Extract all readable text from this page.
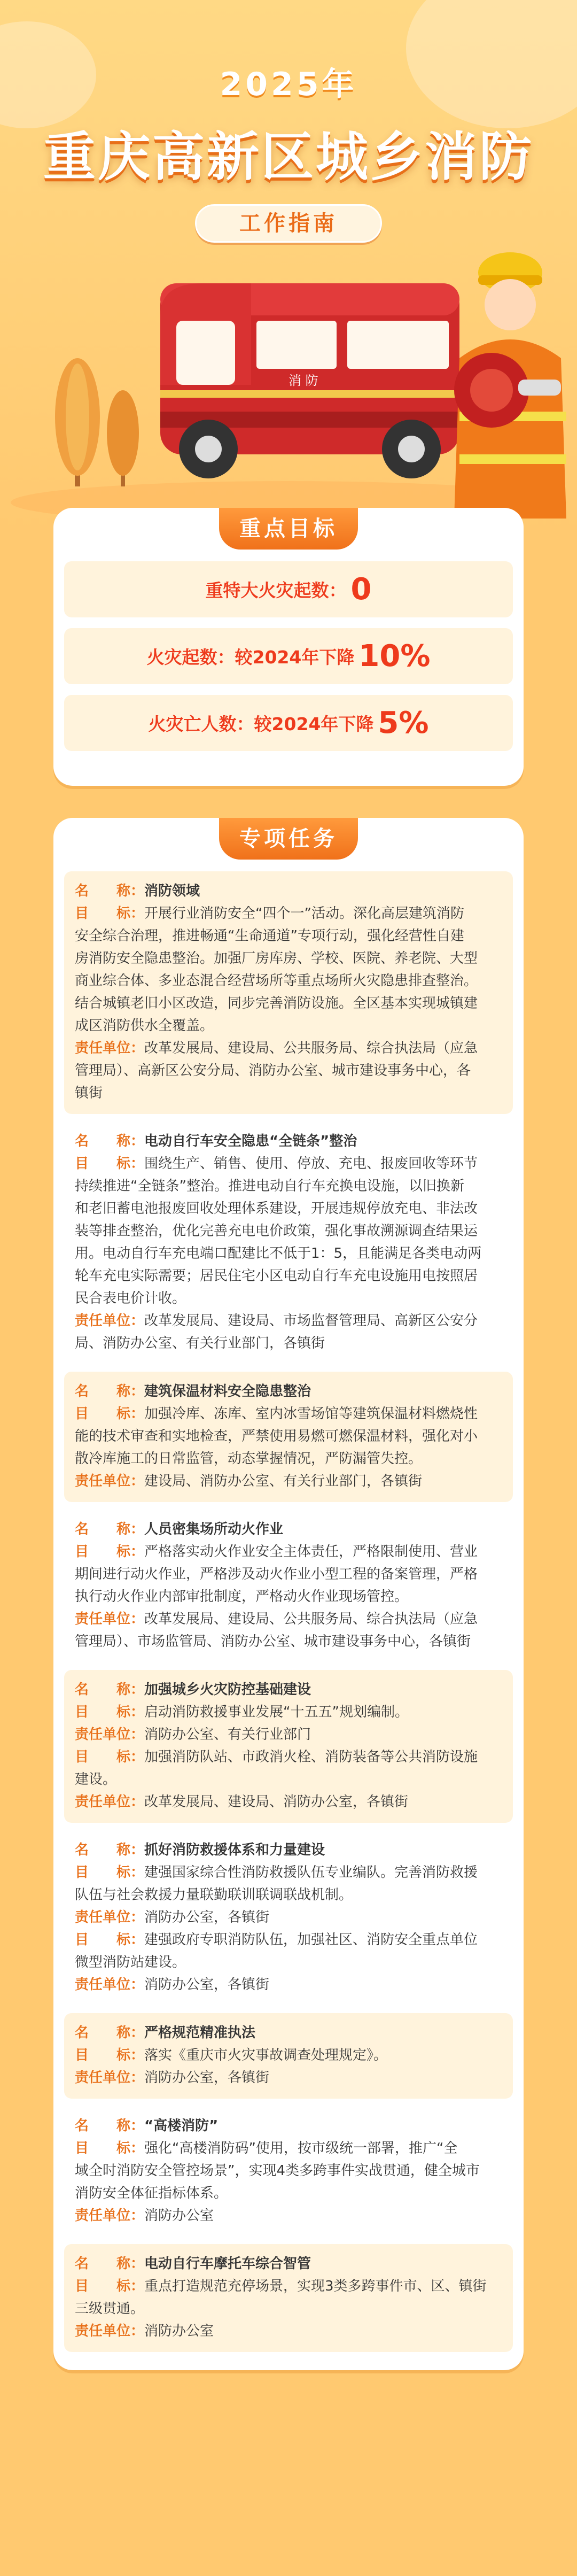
2025年
重庆高新区城乡消防
工作指南
消 防
重点目标
重特大火灾起数： 0
火灾起数：较2024年下降 10%
火灾亡人数：较2024年下降 5%
专项任务
名　　称：消防领域
目　　标：开展行业消防安全“四个一”活动。深化高层建筑消防
安全综合治理，推进畅通“生命通道”专项行动，强化经营性自建
房消防安全隐患整治。加强厂房库房、学校、医院、养老院、大型
商业综合体、多业态混合经营场所等重点场所火灾隐患排查整治。
结合城镇老旧小区改造，同步完善消防设施。全区基本实现城镇建
成区消防供水全覆盖。
责任单位：改革发展局、建设局、公共服务局、综合执法局（应急
管理局）、高新区公安分局、消防办公室、城市建设事务中心，各
镇街
名　　称：电动自行车安全隐患“全链条”整治
目　　标：围绕生产、销售、使用、停放、充电、报废回收等环节
持续推进“全链条”整治。推进电动自行车充换电设施，以旧换新
和老旧蓄电池报废回收处理体系建设，开展违规停放充电、非法改
装等排查整治，优化完善充电电价政策，强化事故溯源调查结果运
用。电动自行车充电端口配建比不低于1：5，且能满足各类电动两
轮车充电实际需要；居民住宅小区电动自行车充电设施用电按照居
民合表电价计收。
责任单位：改革发展局、建设局、市场监督管理局、高新区公安分
局、消防办公室、有关行业部门，各镇街
名　　称：建筑保温材料安全隐患整治
目　　标：加强冷库、冻库、室内冰雪场馆等建筑保温材料燃烧性
能的技术审查和实地检查，严禁使用易燃可燃保温材料，强化对小
散冷库施工的日常监管，动态掌握情况，严防漏管失控。
责任单位：建设局、消防办公室、有关行业部门，各镇街
名　　称：人员密集场所动火作业
目　　标：严格落实动火作业安全主体责任，严格限制使用、营业
期间进行动火作业，严格涉及动火作业小型工程的备案管理，严格
执行动火作业内部审批制度，严格动火作业现场管控。
责任单位：改革发展局、建设局、公共服务局、综合执法局（应急
管理局）、市场监管局、消防办公室、城市建设事务中心，各镇街
名　　称：加强城乡火灾防控基础建设
目　　标：启动消防救援事业发展“十五五”规划编制。
责任单位：消防办公室、有关行业部门
目　　标：加强消防队站、市政消火栓、消防装备等公共消防设施
建设。
责任单位：改革发展局、建设局、消防办公室，各镇街
名　　称：抓好消防救援体系和力量建设
目　　标：建强国家综合性消防救援队伍专业编队。完善消防救援
队伍与社会救援力量联勤联训联调联战机制。
责任单位：消防办公室，各镇街
目　　标：建强政府专职消防队伍，加强社区、消防安全重点单位
微型消防站建设。
责任单位：消防办公室，各镇街
名　　称：严格规范精准执法
目　　标：落实《重庆市火灾事故调查处理规定》。
责任单位：消防办公室，各镇街
名　　称：“高楼消防”
目　　标：强化“高楼消防码”使用，按市级统一部署，推广“全
域全时消防安全管控场景”，实现4类多跨事件实战贯通，健全城市
消防安全体征指标体系。
责任单位：消防办公室
名　　称：电动自行车摩托车综合智管
目　　标：重点打造规范充停场景，实现3类多跨事件市、区、镇街
三级贯通。
责任单位：消防办公室
